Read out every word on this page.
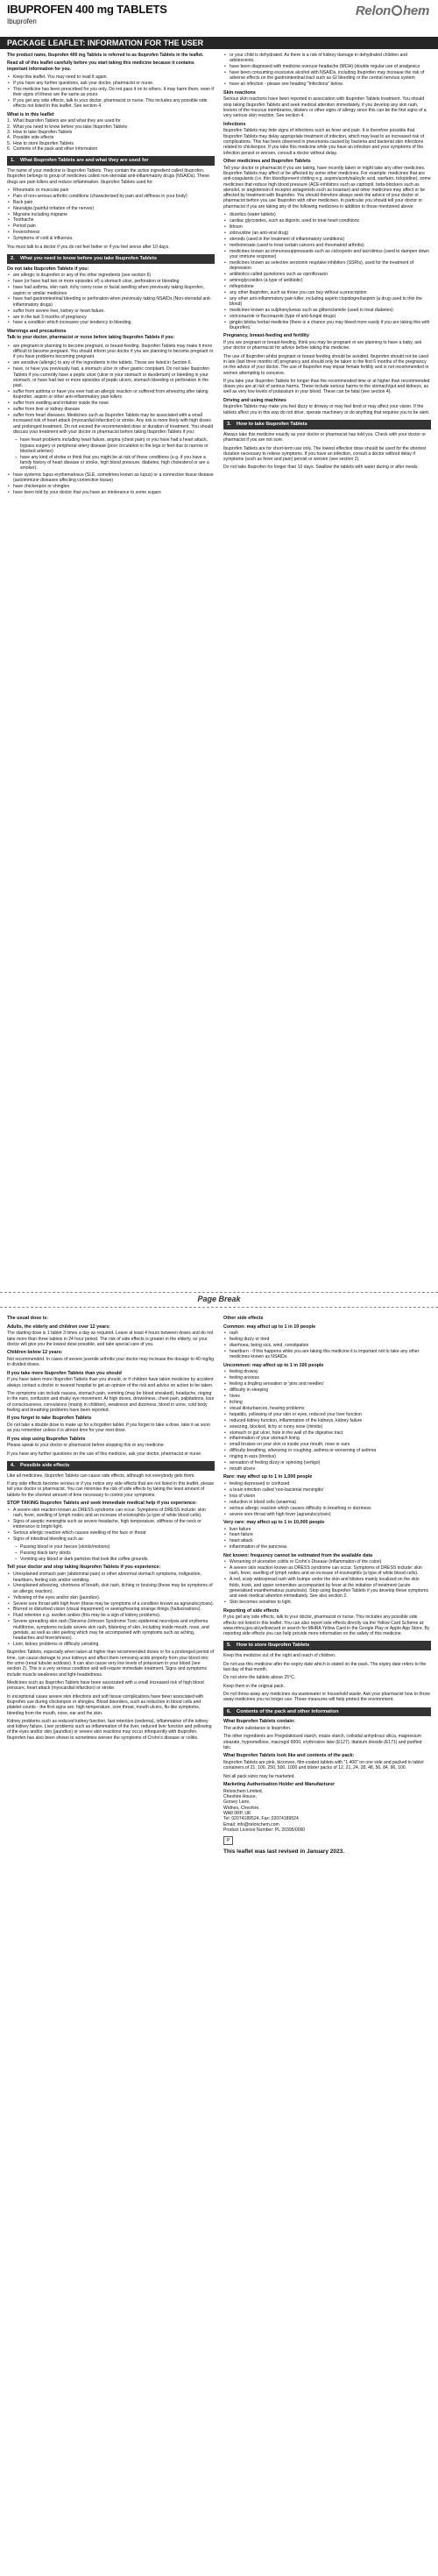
IBUPROFEN 400 mg TABLETS
Ibuprofen
Relon hem
PACKAGE LEAFLET: INFORMATION FOR THE USER

The product name, Ibuprofen 400 mg Tablets is referred to as Ibuprofen Tablets in the leaflet.

Read all of this leaflet carefully before you start taking this medicine because it contains important information for you.

• Keep this leaflet. You may need to read it again.
• If you have any further questions, ask your doctor, pharmacist or nurse.
• This medicine has been prescribed for you only. Do not pass it on to others. It may harm them, even if their signs of illness are the same as yours.
• If you get any side effects, talk to your doctor, pharmacist or nurse. This includes any possible side effects not listed in this leaflet. See section 4.
What is in this leaflet
1. What Ibuprofen Tablets are and what they are used for
2. What you need to know before you take Ibuprofen Tablets
3. How to take Ibuprofen Tablets
4. Possible side effects
5. How to store Ibuprofen Tablets
6. Contents of the pack and other information
1.	What Ibuprofen Tablets are and what they are used for

The name of your medicine is Ibuprofen Tablets. They contain the active ingredient called Ibuprofen. Ibuprofen belongs to group of medicines called non-steroidal anti-inflammatory drugs (NSAIDs). These drugs are pain killers and reduce inflammation. Ibuprofen Tablets used for:

• Rheumatic or muscular pain
• Pain of non-serious arthritic conditions (characterised by pain and stiffness in your body)
• Back pain
• Neuralgia (painful irritation of the nerves)
• Migraine including migraine
• Toothache
• Period pain
• Feverishness
• Symptoms of cold & influenza.

You must talk to a doctor if you do not feel better or if you feel worse after 10 days.

2.	What you need to know before you take Ibuprofen Tablets
Do not take Ibuprofen Tablets if you:
• are allergic to ibuprofen or any of the other ingredients (see section 6)
• have (or have had two or more episodes of) a stomach ulcer, perforation or bleeding
• have had asthma, skin rash, itchy runny nose or facial swelling when previously taking ibuprofen, aspirin or similar medicines
• have had gastrointestinal bleeding or perforation when previously taking NSAIDs (Non-steroidal anti-inflammatory drugs)
• suffer from severe liver, kidney or heart failure.
• are in the last 3 months of pregnancy
• have a condition which increases your tendency to bleeding.
Warnings and precautions

Talk to your doctor, pharmacist or nurse before taking Ibuprofen Tablets if you:

• are pregnant or planning to become pregnant, or breast-feeding. Ibuprofen Tablets may make it more difficult to become pregnant. You should inform your doctor if you are planning to become pregnant or if you have problems becoming pregnant.
• are sensitive (allergic) to any of the ingredients in the tablets. These are listed in Section 6.
• have, or have you previously had, a stomach ulcer or other gastric complaint. Do not take Ibuprofen Tablets if you currently have a peptic ulcer (ulcer in your stomach or duodenum) or bleeding in your stomach, or have had two or more episodes of peptic ulcers, stomach bleeding or perforation in the past.
• suffer from asthma or have you ever had an allergic reaction or suffered from wheezing after taking ibuprofen, aspirin or other anti-inflammatory pain killers
• suffer from swelling and irritation inside the nose
• suffer from liver or kidney disease
• suffer from heart diseases. Medicines such as Ibuprofen Tablets may be associated with a small increased risk of heart attack (myocardial infarction) or stroke. Any risk is more likely with high doses and prolonged treatment. Do not exceed the recommended dose or duration of treatment. You should discuss your treatment with your doctor or pharmacist before taking Ibuprofen Tablets if you:
– have heart problems including heart failure, angina (chest pain) or you have had a heart attack, bypass surgery or peripheral artery disease (poor circulation in the legs or feet due to narrow or blocked arteries)
– have any kind of stroke or think that you might be at risk of these conditions (e.g. if you have a family history of heart disease or stroke, high blood pressure, diabetes, high cholesterol or are a smoker).
• have systemic lupus erythematosus (SLE, sometimes known as lupus) or a connective tissue disease (autoimmune diseases affecting connective tissue)
• have chickenpox or shingles
• have been told by your doctor that you have an intolerance to some sugars
• or your child is dehydrated. As there is a risk of kidney damage in dehydrated children and adolescents.
• have been diagnosed with medicine overuse headache (MOH) (double regular use of analgesics
• have been consuming excessive alcohol with NSAIDs, including Ibuprofen may increase the risk of adverse effects on the gastrointestinal tract such as GI bleeding or the central nervous system
• have an infection - please see heading "Infections" below.
Skin reactions

Serious skin reactions have been reported in association with Ibuprofen Tablets treatment. You should stop taking Ibuprofen Tablets and seek medical attention immediately, if you develop any skin rash, lesions of the mucous membranes, blisters or other signs of allergy since this can be the first signs of a very serious skin reaction. See section 4.

Infections

Ibuprofen Tablets may hide signs of infections such as fever and pain. It is therefore possible that Ibuprofen Tablets may delay appropriate treatment of infection, which may lead to an increased risk of complications. This has been observed in pneumonia caused by bacteria and bacterial skin infections related to chickenpox. If you take this medicine while you have an infection and your symptoms of the infection persist or worsen, consult a doctor without delay.

Other medicines and Ibuprofen Tablets

Tell your doctor or pharmacist if you are taking, have recently taken or might take any other medicines. Ibuprofen Tablets may affect or be affected by some other medicines. For example: medicines that are anti-coagulants (i.e. thin blood/prevent clotting e.g. aspirin/acetylsalicylic acid, warfarin, ticlopidine), some medicines that reduce high blood pressure (ACE-inhibitors such as captopril, beta-blockers such as atenolol, or angiotensin-II receptor antagonists such as losartan) and other medicines may affect or be affected by treatment with Ibuprofen. You should therefore always seek the advice of your doctor or pharmacist before you use Ibuprofen with other medicines. In particular you should tell your doctor or pharmacist if you are taking any of the following medicines in addition to those mentioned above:

• diuretics (water tablets)
• cardiac glycosides, such as digoxin, used to treat heart conditions
• lithium
• zidovudine (an anti-viral drug)
• steroids (used in the treatment of inflammatory conditions)
• methotrexate (used to treat certain cancers and rheumatoid arthritis)
• medicines known as immunosuppressants such as ciclosporin and tacrolimus (used to dampen down your immune response)
• medicines known as selective serotonin reuptake inhibitors (SSRIs), used for the treatment of depression
• antibiotics called quinolones such as ciprofloxacin
• aminoglycosides (a type of antibiotic)
• mifepristone
• any other ibuprofen, such as those you can buy without a prescription
• any other anti-inflammatory pain killer, including aspirin clopidogrel/aspirin (a drug used to thin the blood)
• medicines known as sulphonylureas such as glibenclamide (used to treat diabetes)
• voriconazole or fluconazole (type of anti-fungal drugs)
• gingko biloba herbal medicine (there is a chance you may bleed more easily if you are taking this with Ibuprofen).
Pregnancy, breast-feeding and fertility

If you are pregnant or breast-feeding, think you may be pregnant or are planning to have a baby, ask your doctor or pharmacist for advice before taking this medicine.

The use of Ibuprofen whilst pregnant or breast feeding should be avoided. Ibuprofen should not be used in late (last three months of) pregnancy and should only be taken in the first 6 months of the pregnancy on the advice of your doctor. The use of Ibuprofen may impair female fertility and is not recommended in women attempting to conceive.

If you take your Ibuprofen Tablets for longer than the recommended time or at higher than recommended doses you are at risk of serious harms. These include serious harms to the stomach/gut and kidneys, as well as very low levels of potassium in your blood. These can be fatal (see section 4).

Driving and using machines

Ibuprofen Tablets may make you feel dizzy or drowsy or may feel tired or may affect your vision. If the tablets affect you in this way do not drive, operate machinery or do anything that requires you to be alert.

3.	How to take Ibuprofen Tablets

Always take this medicine exactly as your doctor or pharmacist has told you. Check with your doctor or pharmacist if you are not sure.

Ibuprofen Tablets are for short-term use only. The lowest effective dose should be used for the shortest duration necessary to relieve symptoms. If you have an infection, consult a doctor without delay if symptoms (such as fever and pain) persist or worsen (see section 2).

Do not take Ibuprofen for longer than 10 days. Swallow the tablets with water during or after meals.

Page Break
The usual dose is:
Adults, the elderly and children over 12 years:

The starting dose is 1 tablet 3 times a day as required. Leave at least 4 hours between doses and do not take more than three tablets in 24 hour period. The risk of side effects is greater in the elderly, so your doctor will give you the lowest dose possible, and take special care of you.

Children below 12 years:

Not recommended. In cases of severe juvenile arthritis your doctor may increase the dosage to 40 mg/kg in divided doses.

If you take more Ibuprofen Tablets than you should

If you have taken more Ibuprofen Tablets than you should, or if children have taken medicine by accident always contact a doctor or nearest hospital to get an opinion of the risk and advice on action to be taken.

The symptoms can include nausea, stomach pain, vomiting (may be blood streaked), headache, ringing in the ears, confusion and shaky eye movement. At high doses, drowsiness, chest pain, palpitations, loss of consciousness, convulsions (mainly in children), weakness and dizziness, blood in urine, cold body feeling and breathing problems have been reported.

If you forget to take Ibuprofen Tablets

Do not take a double dose to make up for a forgotten tablet. If you forget to take a dose, take it as soon as you remember unless it is almost time for your next dose.

If you stop using Ibuprofen Tablets

Please speak to your doctor or pharmacist before stopping this or any medicine.

If you have any further questions on the use of this medicine, ask your doctor, pharmacist or nurse.

4.	Possible side effects

Like all medicines, Ibuprofen Tablets can cause side effects, although not everybody gets them.

If any side effects become serious or if you notice any side effects that are not listed in this leaflet, please tell your doctor or pharmacist. You can minimise the risk of side effects by taking the least amount of tablets for the shortest amount of time necessary to control your symptoms.

STOP TAKING Ibuprofen Tablets and seek immediate medical help if you experience:
• A severe skin reaction known as DRESS syndrome can occur. Symptoms of DRESS include: skin rash, fever, swelling of lymph nodes and an increase of eosinophils (a type of white blood cells).
• Signs of aseptic meningitis such as severe headache, high temperature, stiffness of the neck or intolerance to bright light.
• Serious allergic reaction which causes swelling of the face or throat
• Signs of intestinal bleeding such as:
– Passing blood in your faeces (stools/motions)
– Passing black tarry stools
– Vomiting any blood or dark particles that look like coffee grounds.
Tell your doctor and stop taking Ibuprofen Tablets if you experience:
• Unexplained stomach pain (abdominal pain) or other abnormal stomach symptoms, indigestion, heartburn, feeling sick and/or vomiting.
• Unexplained wheezing, shortness of breath, skin rash, itching or bruising (these may be symptoms of an allergic reaction).
• Yellowing of the eyes and/or skin (jaundice).
• Severe sore throat with high fever (these may be symptoms of a condition known as agranulocytosis).
• Blurred or disturbed vision (visual impairment) or seeing/hearing strange things (hallucinations).
• Fluid retention e.g. swollen ankles (this may be a sign of kidney problems).
• Severe spreading skin rash (Stevens-Johnson Syndrome Toxic epidermal necrolysis and erythema multiforme, symptoms include severe skin rash, blistering of skin, including inside mouth, nose, and genitals, as well as skin peeling which may be accompanied with symptoms such as aching, headaches and feverishness).
• Liver, kidney problems or difficulty urinating.

Ibuprofen Tablets, especially when taken at higher than recommended doses or for a prolonged period of time, can cause damage to your kidneys and affect them removing acids properly from your blood into the urine (renal tubular acidosis). It can also cause very low levels of potassium in your blood (see section 2). This is a very serious condition and will require immediate treatment. Signs and symptoms include muscle weakness and light-headedness.

Medicines such as Ibuprofen Tablets have been associated with a small increased risk of high blood pressure, heart attack (myocardial infarction) or stroke.

In exceptional cases severe skin infections and soft tissue complications have been associated with ibuprofen use during chickenpox or shingles. Blood disorders, such as reduction in blood cells and platelet counts - the first signs are: high temperature, sore throat, mouth ulcers, flu-like symptoms, bleeding from the mouth, nose, ear and the skin.

Kidney problems such as reduced kidney function, fast retention (oedema), inflammation of the kidney and kidney failure. Liver problems such as inflammation of the liver, reduced liver function and yellowing of the eyes and/or skin (jaundice) or severe skin reactions may occur infrequently with ibuprofen. Ibuprofen has also been shown to sometimes worsen the symptoms of Crohn's disease or colitis.

Other side effects
Common: may affect up to 1 in 10 people
• rash
• feeling dizzy or tired
• diarrhoea, being sick, wind, constipation
• heartburn - if this happens while you are taking this medicine it is important not to take any other medicines known as NSAIDs.
Uncommon: may affect up to 1 in 100 people
• feeling drowsy
• feeling anxious
• feeling a tingling sensation or 'pins and needles'
• difficulty in sleeping
• hives
• itching
• visual disturbances, hearing problems
• hepatitis, yellowing of your skin or eyes, reduced your liver function
• reduced kidney function, inflammation of the kidneys, kidney failure
• sneezing, blocked, itchy or runny nose (rhinitis)
• stomach or gut ulcer, hole in the wall of the digestive tract
• inflammation of your stomach lining
• small bruises on your skin or inside your mouth, nose or ears
• difficulty breathing, wheezing or coughing, asthma or worsening of asthma
• ringing in ears (tinnitus)
• sensation of feeling dizzy or spinning (vertigo)
• mouth ulcers
Rare: may affect up to 1 in 1,000 people
• feeling depressed or confused
• a brain infection called 'non-bacterial meningitis'
• loss of vision
• reduction in blood cells (anaemia)
• serious allergic reaction which causes difficulty in breathing or dizziness
• severe sore throat with high fever (agranulocytosis)
Very rare: may affect up to 1 in 10,000 people
• liver failure
• heart failure
• heart attack
• inflammation of the pancreas.
Not known: frequency cannot be estimated from the available data
• Worsening of ulcerative colitis or Crohn's Disease (inflammation of the colon)
• A severe skin reaction known as DRESS syndrome can occur. Symptoms of DRESS include: skin rash, fever, swelling of lymph nodes and an increase of eosinophils (a type of white blood cells).
• A red, scaly widespread rash with bumps under the skin and blisters mainly localized on the skin folds, trunk, and upper extremities accompanied by fever at the initiation of treatment (acute generalised exanthematous pustulosis). Stop using Ibuprofen Tablets if you develop these symptoms and seek medical attention immediately. See also section 2.
• Skin becomes sensitive to light.
Reporting of side effects

If you get any side effects, talk to your doctor, pharmacist or nurse. This includes any possible side effects not listed in this leaflet. You can also report side effects directly via the Yellow Card Scheme at: www.mhra.gov.uk/yellowcard or search for MHRA Yellow Card in the Google Play or Apple App Store. By reporting side effects you can help provide more information on the safety of this medicine.

5.	How to store Ibuprofen Tablets

Keep this medicine out of the sight and reach of children.

Do not use this medicine after the expiry date which is stated on the pack. The expiry date refers to the last day of that month.

Do not store the tablets above 25°C.

Keep them in the original pack.

Do not throw away any medicines via wastewater or household waste. Ask your pharmacist how to throw away medicines you no longer use. These measures will help protect the environment.

6.	Contents of the pack and other information
What Ibuprofen Tablets contain:

The active substance is ibuprofen.

The other ingredients are Pregelatinised starch, maize starch, colloidal anhydrous silica, magnesium stearate, hypromellose, macrogol 6000, erythrosine lake (E127), titanium dioxide (E171) and purified talc.

What Ibuprofen Tablets look like and contents of the pack:

Ibuprofen Tablets are pink, biconvex, film-coated tablets with "1 400" on one side and packed in tablet containers of 21, 100, 250, 500, 1000 and blister packs of 12, 21, 24, 28, 48, 56, 84, 96, 100.

Not all pack sizes may be marketed.

Marketing Authorisation Holder and Manufacturer
Relonchem Limited,
Cheshire House,
Gorsey Lane,
Widnes, Cheshire,
WA8 0RP, UK
Tel: 02074189524, Fax: 02074189524
Email: info@relonchem.com
Product License Number: PL 20395/0060
P
This leaflet was last revised in January 2023.
